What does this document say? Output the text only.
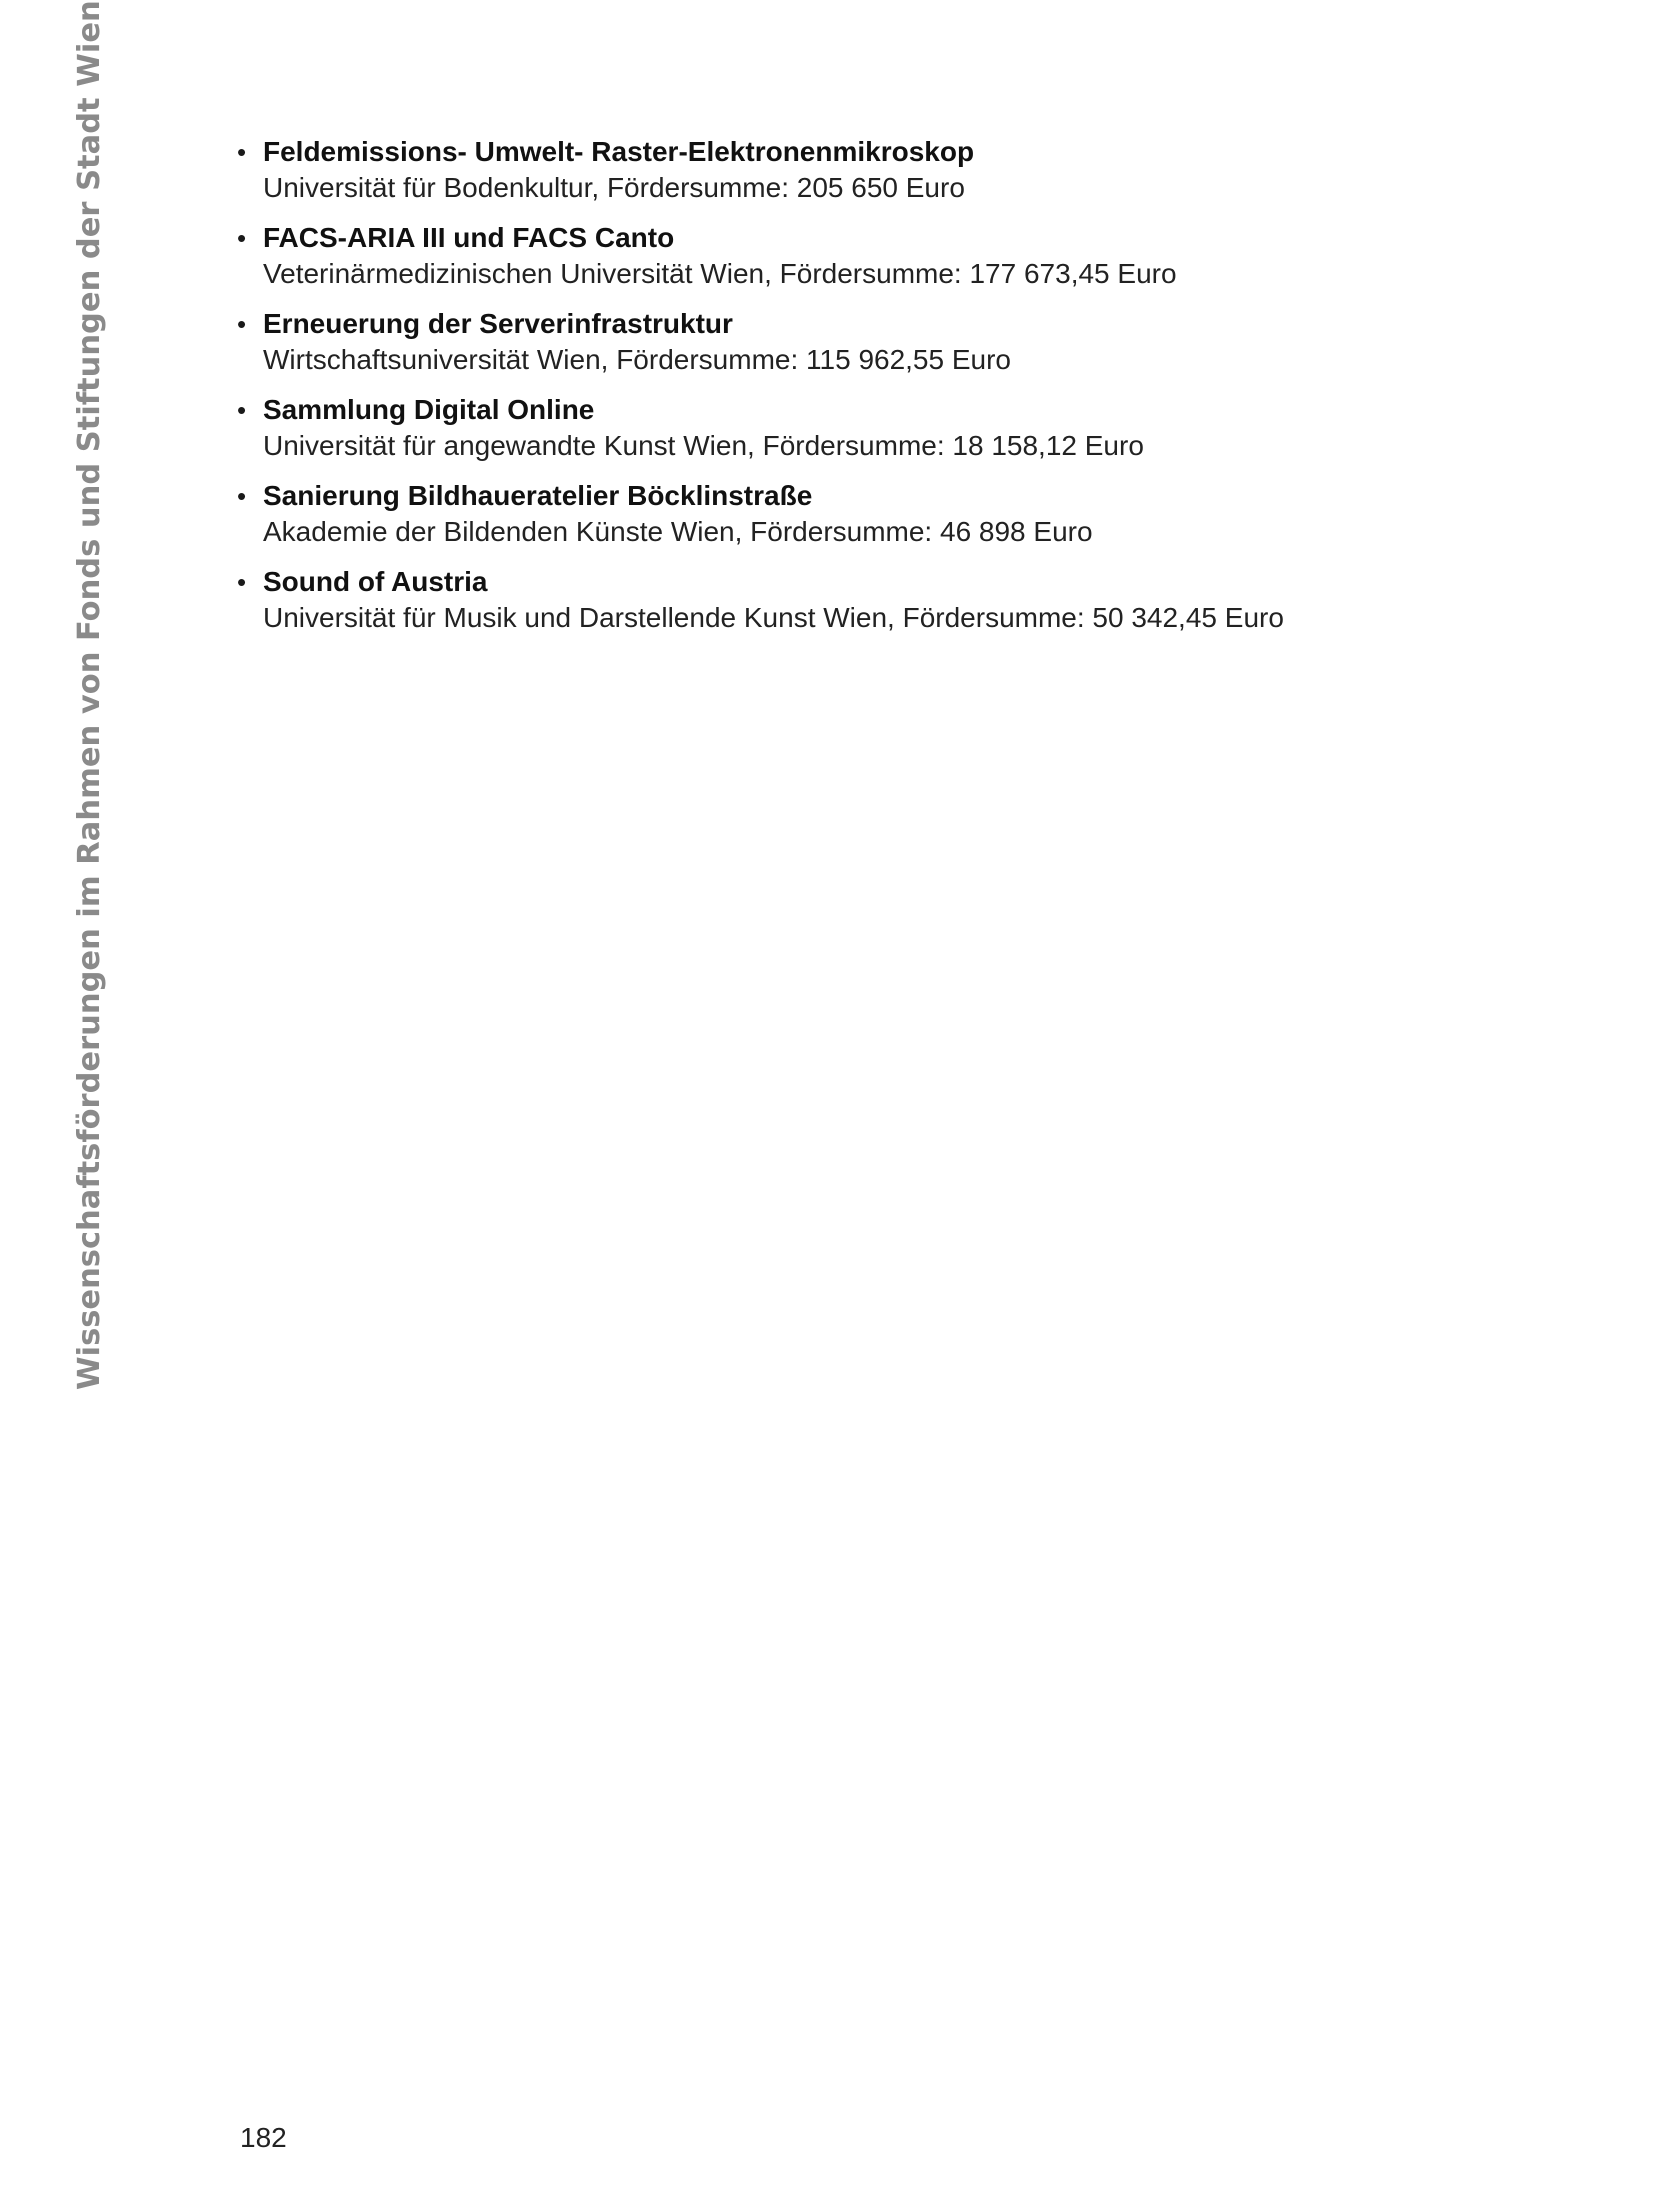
Wissenschaftsförderungen im Rahmen von Fonds und Stiftungen der Stadt Wien	• Feldemissions- Umwelt- Raster-Elektronenmikroskop
Universität für Bodenkultur, Fördersumme: 205 650 Euro
• FACS-ARIA III und FACS Canto
Veterinärmedizinischen Universität Wien, Fördersumme: 177 673,45 Euro
• Erneuerung der Serverinfrastruktur
Wirtschaftsuniversität Wien, Fördersumme: 115 962,55 Euro
• Sammlung Digital Online
Universität für angewandte Kunst Wien, Fördersumme: 18 158,12 Euro
• Sanierung Bildhaueratelier Böcklinstraße
Akademie der Bildenden Künste Wien, Fördersumme: 46 898 Euro
• Sound of Austria
Universität für Musik und Darstellende Kunst Wien, Fördersumme: 50 342,45 Euro
182
